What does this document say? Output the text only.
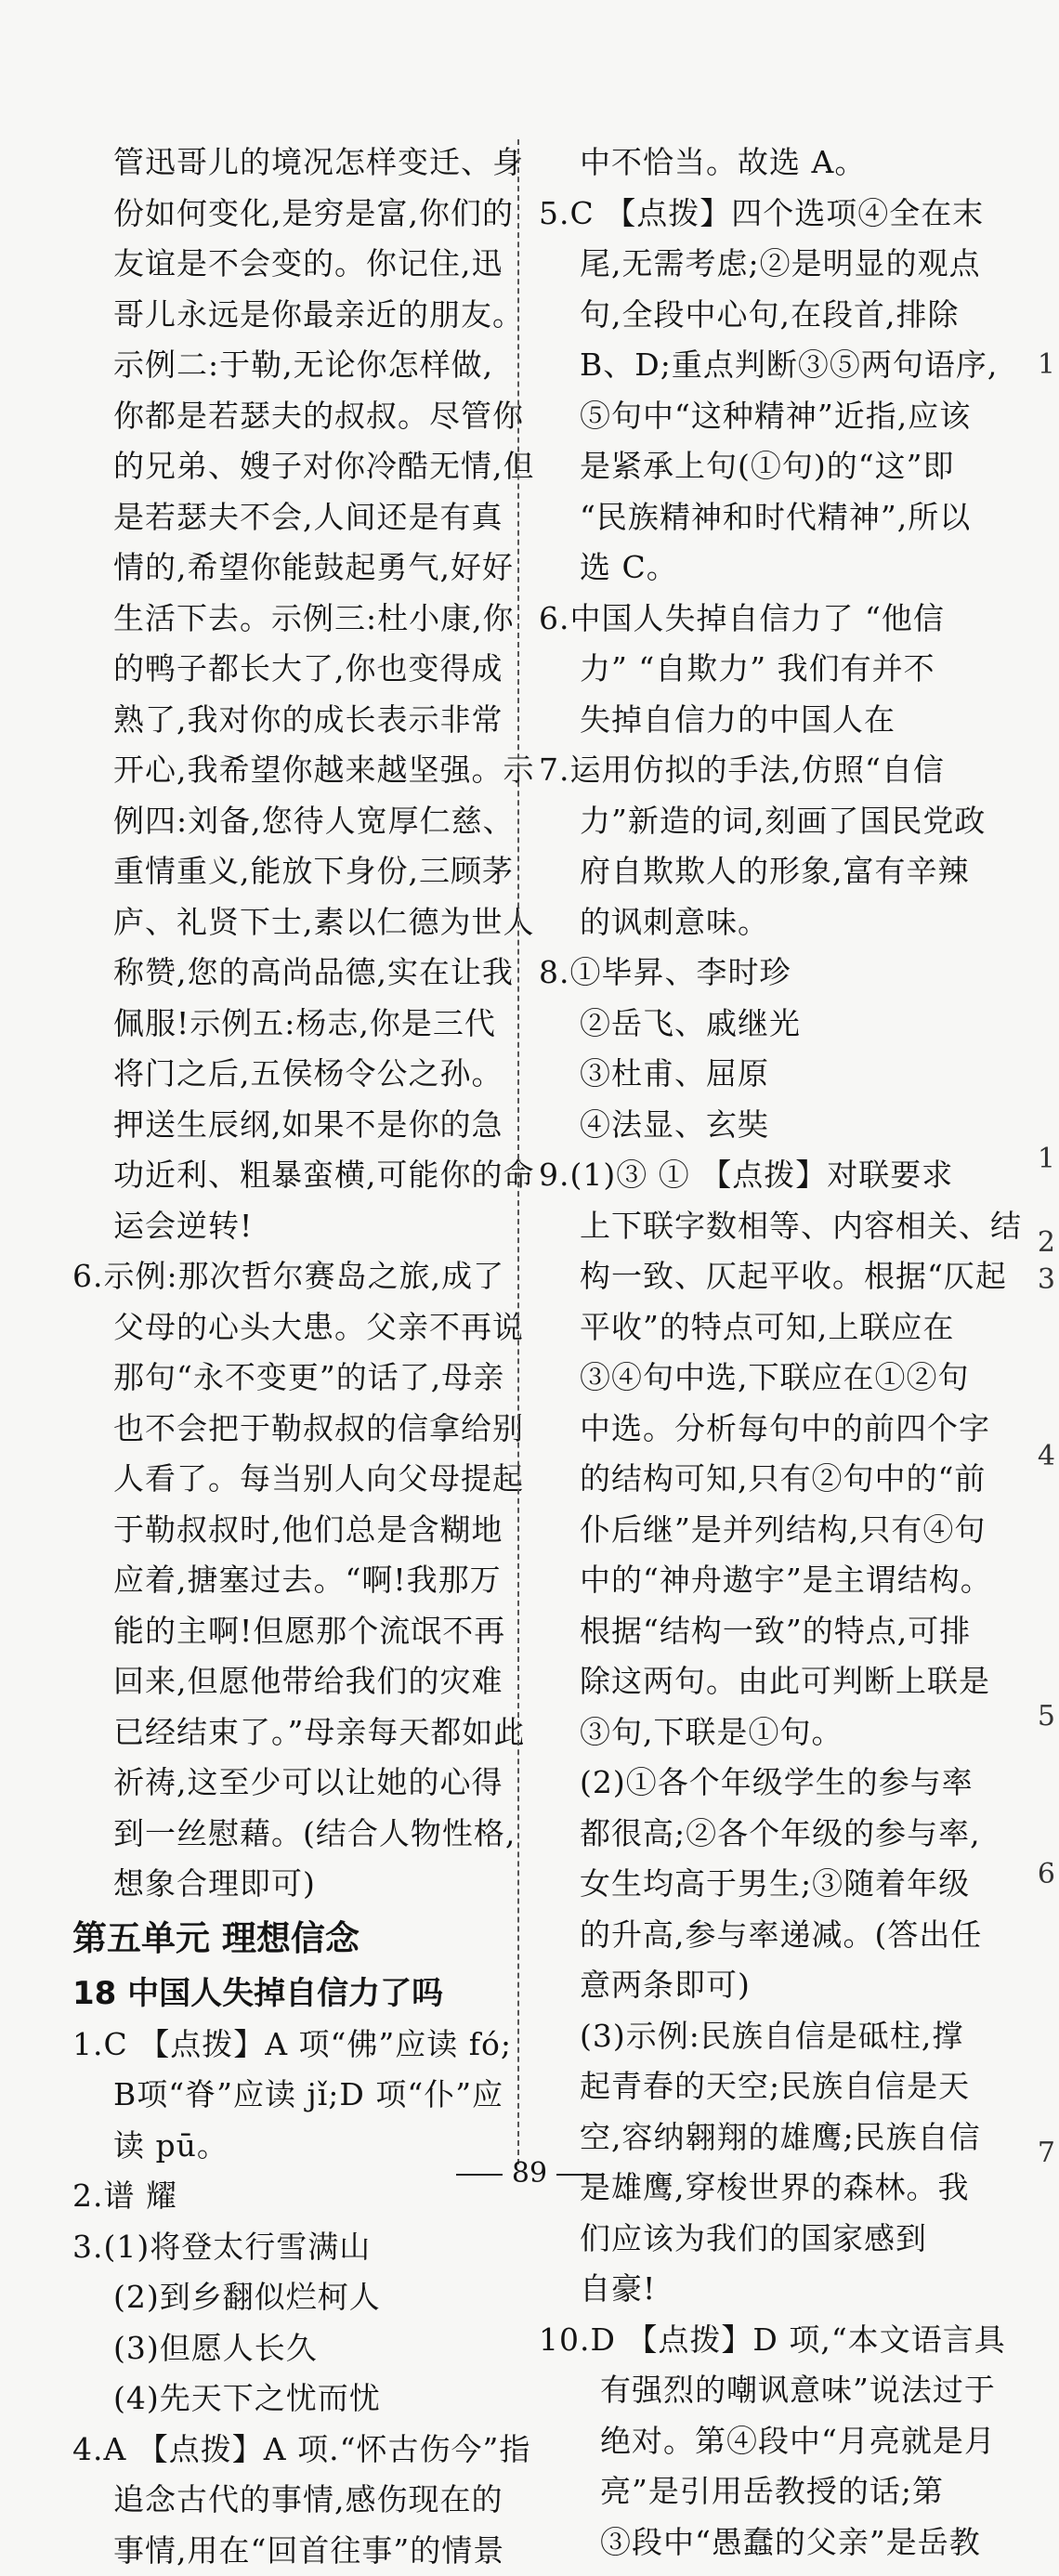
管迅哥儿的境况怎样变迁、身
份如何变化,是穷是富,你们的
友谊是不会变的。你记住,迅
哥儿永远是你最亲近的朋友。
示例二:于勒,无论你怎样做,
你都是若瑟夫的叔叔。尽管你
的兄弟、嫂子对你冷酷无情,但
是若瑟夫不会,人间还是有真
情的,希望你能鼓起勇气,好好
生活下去。示例三:杜小康,你
的鸭子都长大了,你也变得成
熟了,我对你的成长表示非常
开心,我希望你越来越坚强。示
例四:刘备,您待人宽厚仁慈、
重情重义,能放下身份,三顾茅
庐、礼贤下士,素以仁德为世人
称赞,您的高尚品德,实在让我
佩服!示例五:杨志,你是三代
将门之后,五侯杨令公之孙。
押送生辰纲,如果不是你的急
功近利、粗暴蛮横,可能你的命
运会逆转!
6.示例:那次哲尔赛岛之旅,成了
父母的心头大患。父亲不再说
那句“永不变更”的话了,母亲
也不会把于勒叔叔的信拿给别
人看了。每当别人向父母提起
于勒叔叔时,他们总是含糊地
应着,搪塞过去。“啊!我那万
能的主啊!但愿那个流氓不再
回来,但愿他带给我们的灾难
已经结束了。”母亲每天都如此
祈祷,这至少可以让她的心得
到一丝慰藉。(结合人物性格,
想象合理即可)
第五单元 理想信念
18 中国人失掉自信力了吗
1.C 【点拨】A 项“佛”应读 fó;
B项“脊”应读 jǐ;D 项“仆”应
读 pū。
2.谱 耀
3.(1)将登太行雪满山
(2)到乡翻似烂柯人
(3)但愿人长久
(4)先天下之忧而忧
4.A 【点拨】A 项.“怀古伤今”指
追念古代的事情,感伤现在的
事情,用在“回首往事”的情景
中不恰当。故选 A。
5.C 【点拨】四个选项④全在末
尾,无需考虑;②是明显的观点
句,全段中心句,在段首,排除
B、D;重点判断③⑤两句语序,
⑤句中“这种精神”近指,应该
是紧承上句(①句)的“这”即
“民族精神和时代精神”,所以
选 C。
6.中国人失掉自信力了 “他信
力” “自欺力” 我们有并不
失掉自信力的中国人在
7.运用仿拟的手法,仿照“自信
力”新造的词,刻画了国民党政
府自欺欺人的形象,富有辛辣
的讽刺意味。
8.①毕昇、李时珍
②岳飞、戚继光
③杜甫、屈原
④法显、玄奘
9.(1)③ ① 【点拨】对联要求
上下联字数相等、内容相关、结
构一致、仄起平收。根据“仄起
平收”的特点可知,上联应在
③④句中选,下联应在①②句
中选。分析每句中的前四个字
的结构可知,只有②句中的“前
仆后继”是并列结构,只有④句
中的“神舟遨宇”是主谓结构。
根据“结构一致”的特点,可排
除这两句。由此可判断上联是
③句,下联是①句。
(2)①各个年级学生的参与率
都很高;②各个年级的参与率,
女生均高于男生;③随着年级
的升高,参与率递减。(答出任
意两条即可)
(3)示例:民族自信是砥柱,撑
起青春的天空;民族自信是天
空,容纳翱翔的雄鹰;民族自信
是雄鹰,穿梭世界的森林。我
们应该为我们的国家感到
自豪!
10.D 【点拨】D 项,“本文语言具
有强烈的嘲讽意味”说法过于
绝对。第④段中“月亮就是月
亮”是引用岳教授的话;第
③段中“愚蠢的父亲”是岳教
89
1
1
2
3
4
5
6
7
